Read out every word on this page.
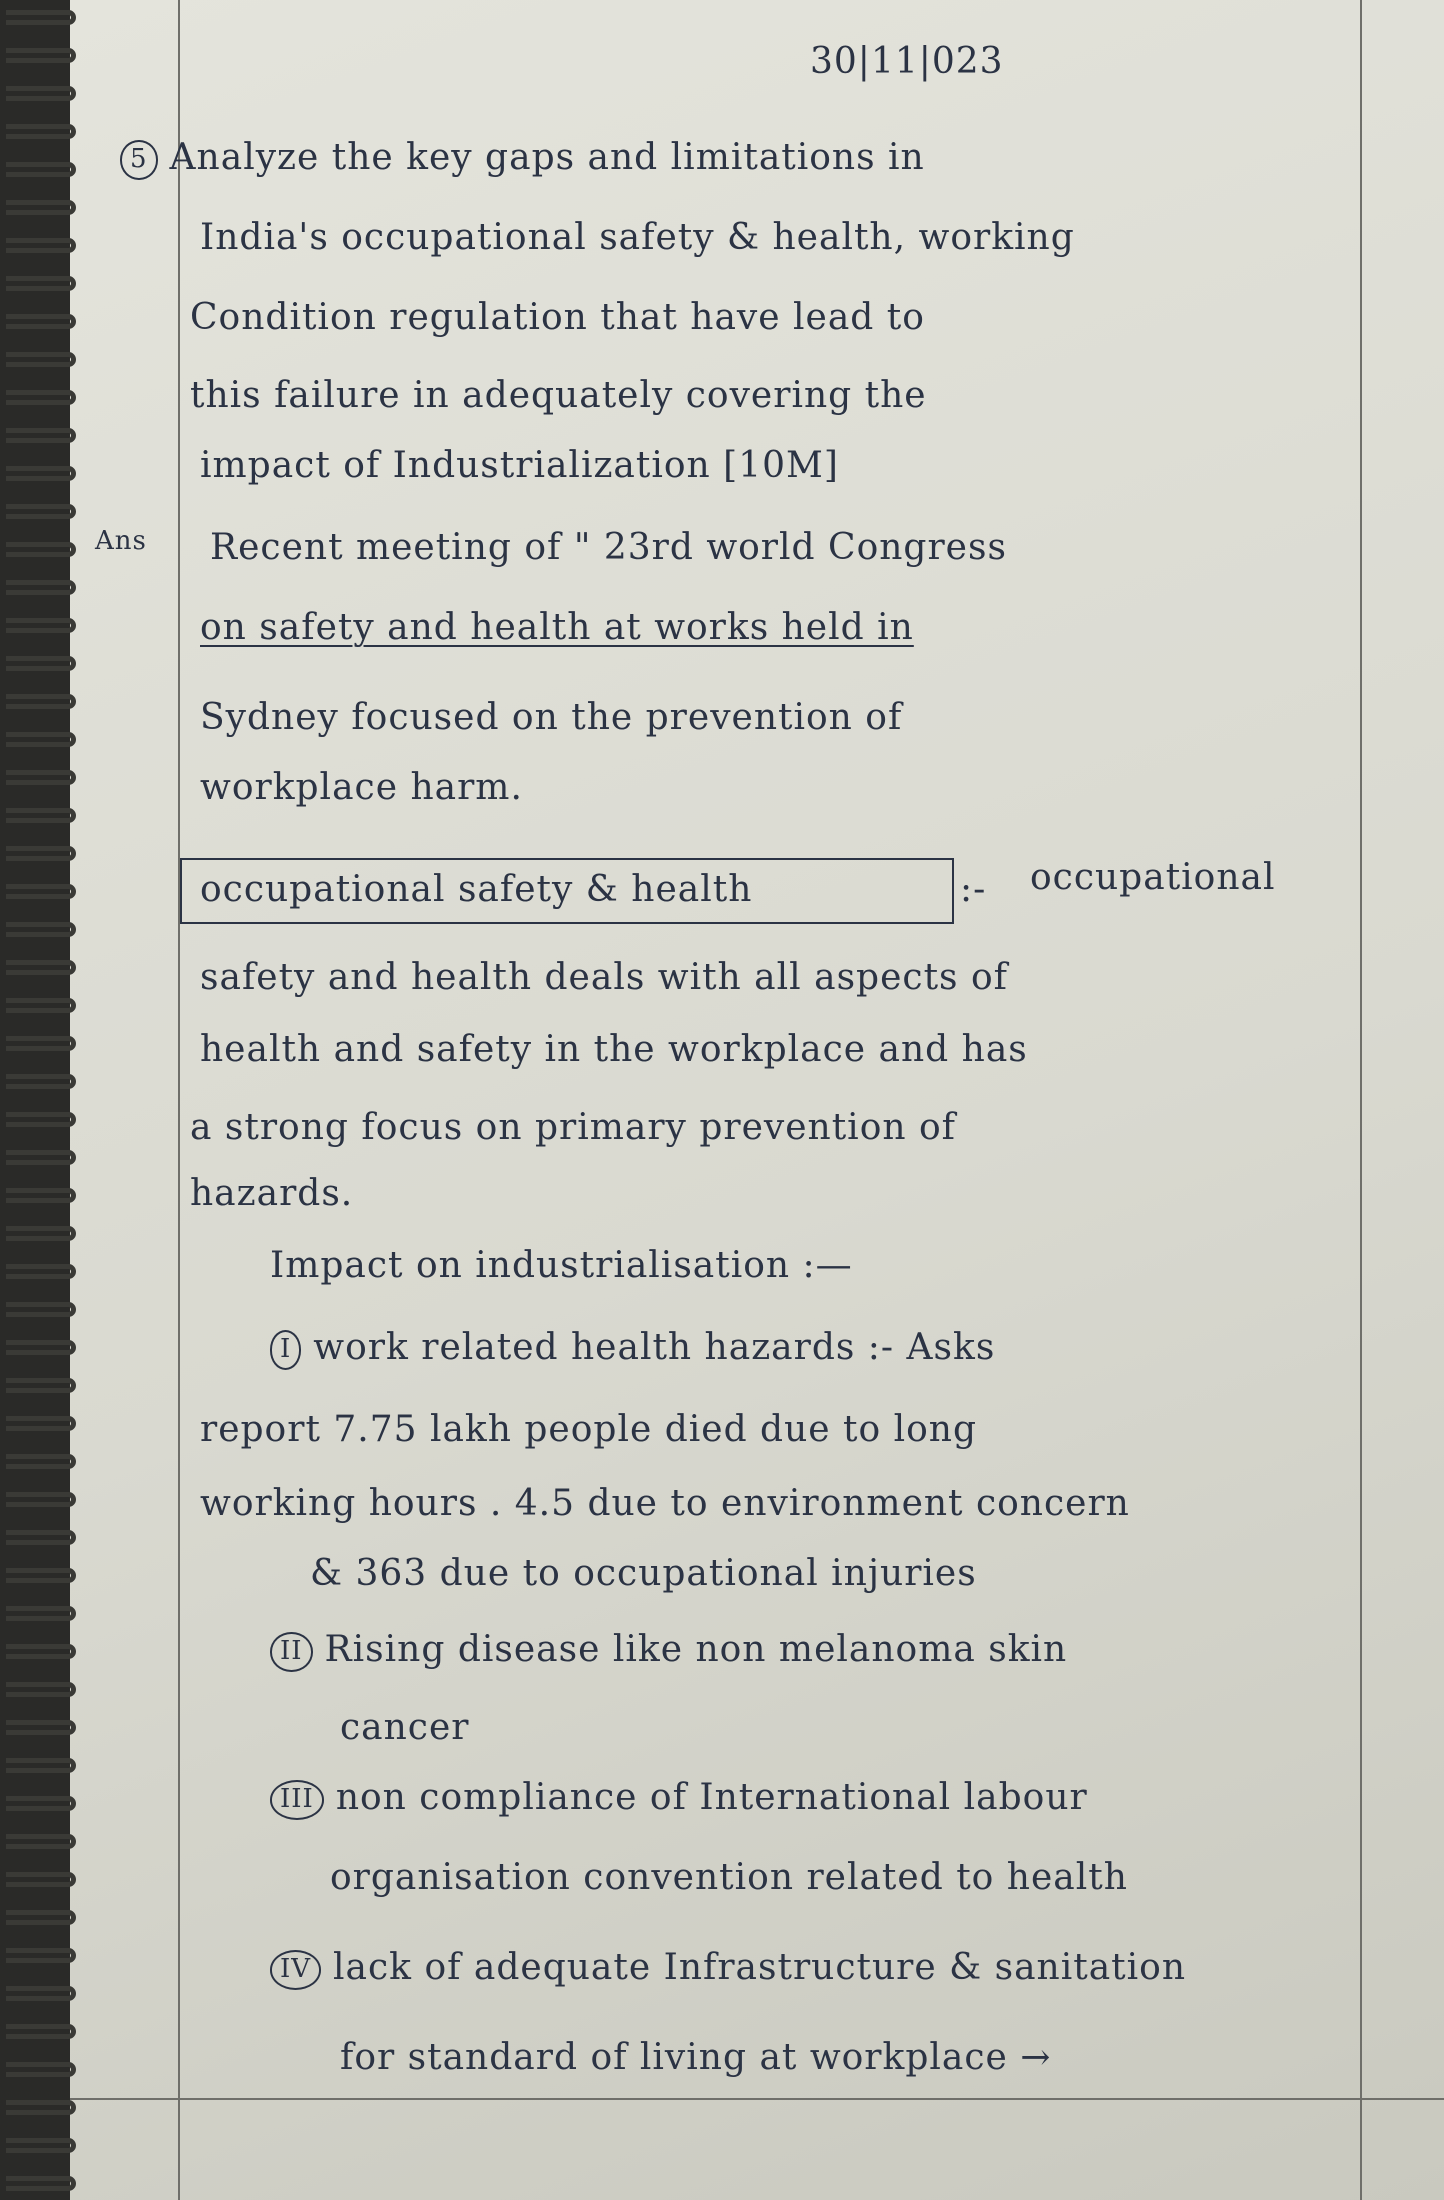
30|11|023
5 Analyze the key gaps and limitations in
India's occupational safety & health, working
Condition regulation that have lead to
this failure in adequately covering the
impact of Industrialization [10M]
Ans Recent meeting of " 23rd world Congress
on safety and health at works held in
Sydney focused on the prevention of
workplace harm.
occupational safety & health	:- occupational
safety and health deals with all aspects of
health and safety in the workplace and has
a strong focus on primary prevention of
hazards.
Impact on industrialisation :—
I work related health hazards :- Asks
report 7.75 lakh people died due to long
working hours . 4.5 due to environment concern
& 363 due to occupational injuries
II Rising disease like non melanoma skin
cancer
III non compliance of International labour
organisation convention related to health
IV lack of adequate Infrastructure & sanitation
for standard of living at workplace →
